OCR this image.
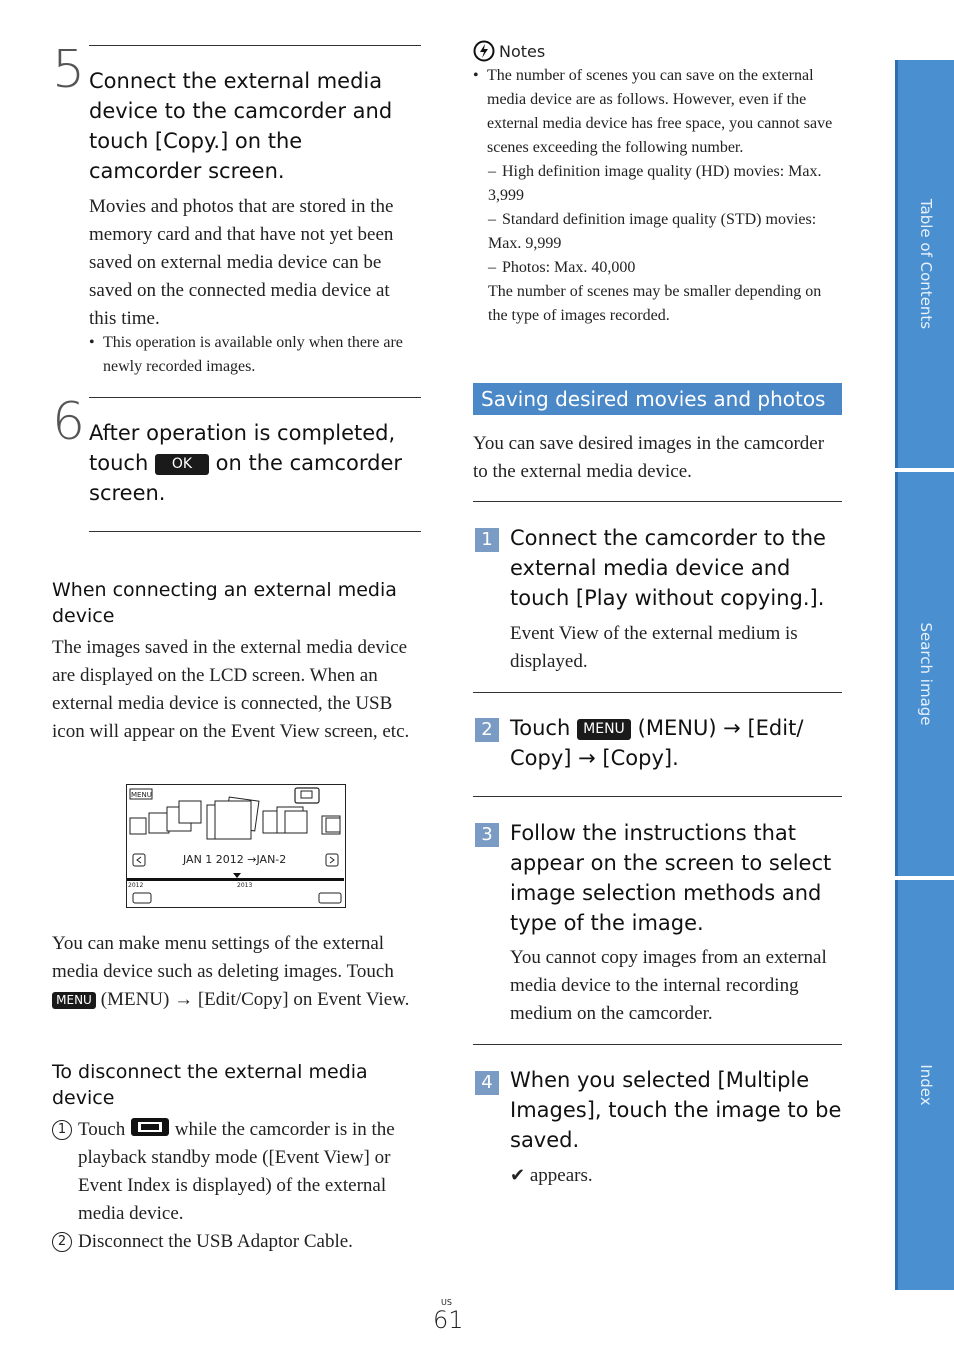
5 Connect the external media device to the camcorder and touch [Copy.] on the camcorder screen.
Movies and photos that are stored in the memory card and that have not yet been saved on external media device can be saved on the connected media device at this time.
• This operation is available only when there are newly recorded images.
6 After operation is completed,
touch OK on the camcorder screen.
When connecting an external media device
The images saved in the external media device are displayed on the LCD screen. When an external media device is connected, the USB icon will appear on the Event View screen, etc.
MENU
JAN 1 2012 →JAN-2
2012	2013
You can make menu settings of the external media device such as deleting images. Touch MENU (MENU) → [Edit/Copy] on Event View.
To disconnect the external media device
1 Touch	while the camcorder is in the playback standby mode ([Event View] or Event Index is displayed) of the external media device.
2 Disconnect the USB Adaptor Cable.
Notes
• The number of scenes you can save on the external media device are as follows. However, even if the external media device has free space, you cannot save scenes exceeding the following number.
– High definition image quality (HD) movies: Max. 3,999
– Standard definition image quality (STD) movies: Max. 9,999
– Photos: Max. 40,000
The number of scenes may be smaller depending on the type of images recorded.
Saving desired movies and photos
You can save desired images in the camcorder to the external media device.
1 Connect the camcorder to the external media device and touch [Play without copying.].
Event View of the external medium is displayed.
2 Touch MENU (MENU) → [Edit/
Copy] → [Copy].
3 Follow the instructions that appear on the screen to select image selection methods and type of the image.
You cannot copy images from an external media device to the internal recording medium on the camcorder.
4 When you selected [Multiple Images], touch the image to be saved.
✔ appears.
Table of Contents
Search image
Index
US
61
